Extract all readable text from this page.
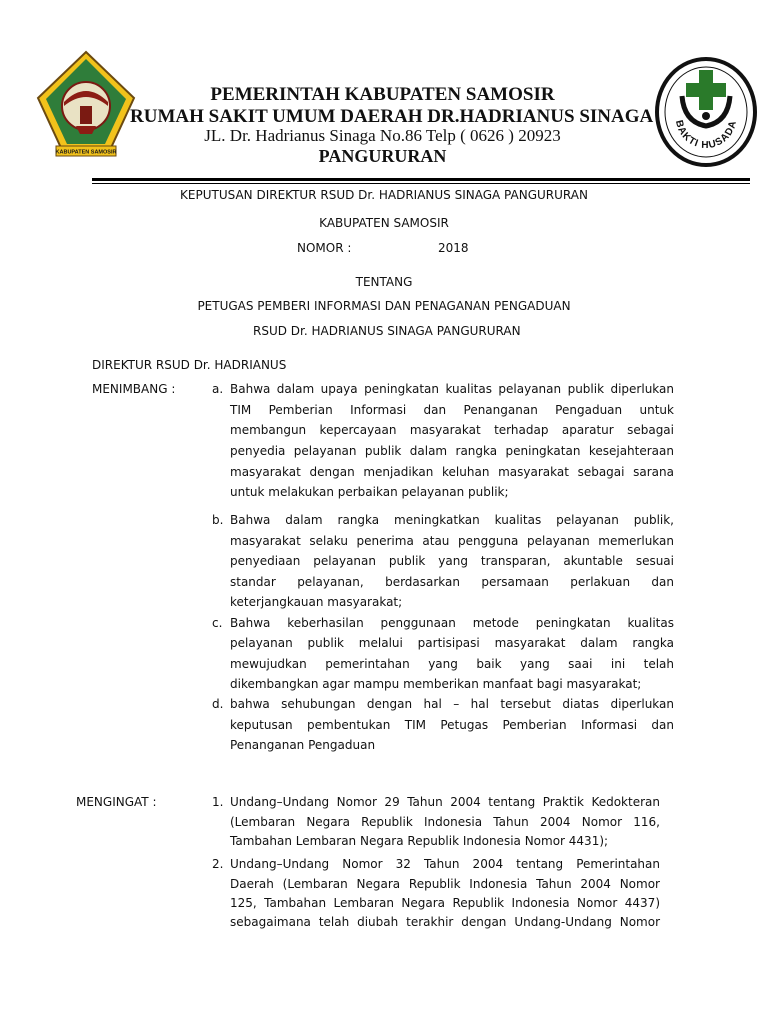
KABUPATEN SAMOSIR
BAKTI HUSADA
PEMERINTAH KABUPATEN SAMOSIR
RUMAH SAKIT UMUM DAERAH DR.HADRIANUS SINAGA
JL. Dr. Hadrianus Sinaga No.86 Telp ( 0626 ) 20923
PANGURURAN
KEPUTUSAN DIREKTUR RSUD Dr. HADRIANUS SINAGA PANGURURAN
KABUPATEN SAMOSIR
NOMOR :	2018
TENTANG
PETUGAS PEMBERI INFORMASI DAN PENAGANAN PENGADUAN
RSUD Dr. HADRIANUS SINAGA PANGURURAN
DIREKTUR RSUD Dr. HADRIANUS
MENIMBANG :	a. Bahwa dalam upaya peningkatan kualitas pelayanan publik diperlukan
TIM Pemberian Informasi dan Penanganan Pengaduan untuk
membangun kepercayaan masyarakat terhadap aparatur sebagai
penyedia pelayanan publik dalam rangka peningkatan kesejahteraan
masyarakat dengan menjadikan keluhan masyarakat sebagai sarana
untuk melakukan perbaikan pelayanan publik;
b. Bahwa dalam rangka meningkatkan kualitas pelayanan publik,
masyarakat selaku penerima atau pengguna pelayanan memerlukan
penyediaan pelayanan publik yang transparan, akuntable sesuai
standar pelayanan, berdasarkan persamaan perlakuan dan
keterjangkauan masyarakat;
c. Bahwa keberhasilan penggunaan metode peningkatan kualitas
pelayanan publik melalui partisipasi masyarakat dalam rangka
mewujudkan pemerintahan yang baik yang saai ini telah
dikembangkan agar mampu memberikan manfaat bagi masyarakat;
d. bahwa sehubungan dengan hal – hal tersebut diatas diperlukan
keputusan pembentukan TIM Petugas Pemberian Informasi dan
Penanganan Pengaduan
MENGINGAT :	1. Undang–Undang Nomor 29 Tahun 2004 tentang Praktik Kedokteran
(Lembaran Negara Republik Indonesia Tahun 2004 Nomor 116,
Tambahan Lembaran Negara Republik Indonesia Nomor 4431);
2. Undang–Undang Nomor 32 Tahun 2004 tentang Pemerintahan
Daerah (Lembaran Negara Republik Indonesia Tahun 2004 Nomor
125, Tambahan Lembaran Negara Republik Indonesia Nomor 4437)
sebagaimana telah diubah terakhir dengan Undang-Undang Nomor
